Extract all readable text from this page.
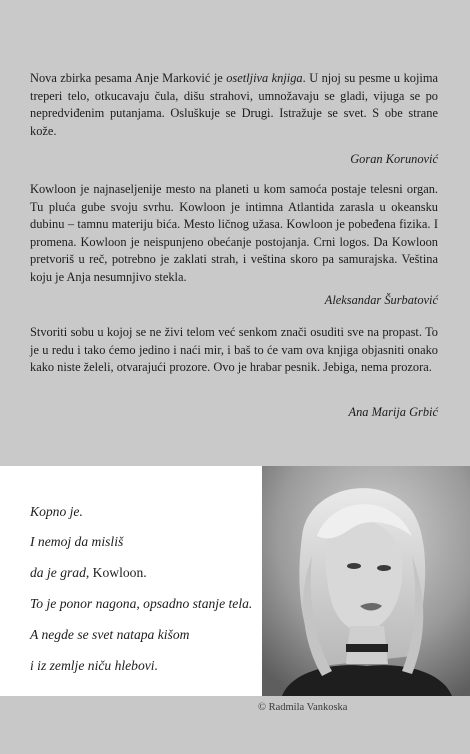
Nova zbirka pesama Anje Marković je osetljiva knjiga. U njoj su pesme u kojima treperi telo, otkucavaju čula, dišu strahovi, umnožavaju se gladi, vijuga se po nepredviđenim putanjama. Osluškuje se Drugi. Istražuje se svet. S obe strane kože.

Goran Korunović

Kowloon je najnaseljenije mesto na planeti u kom samoća postaje telesni organ. Tu pluća gube svoju svrhu. Kowloon je intimna Atlantida zarasla u okeansku dubinu – tamnu materiju bića. Mesto ličnog užasa. Kowloon je pobeđena fizika. I promena. Kowloon je neispunjeno obećanje postojanja. Crni logos. Da Kowloon pretvoriš u reč, potrebno je zaklati strah, i veština skoro pa samurajska. Veština koju je Anja nesumnjivo stekla.

Aleksandar Šurbatović

Stvoriti sobu u kojoj se ne živi telom već senkom znači osuditi sve na propast. To je u redu i tako ćemo jedino i naći mir, i baš to će vam ova knjiga objasniti onako kako niste želeli, otvarajući prozore. Ovo je hrabar pesnik. Jebiga, nema prozora.

Ana Marija Grbić

Kopno je.

I nemoj da misliš

da je grad, Kowloon.

To je ponor nagona, opsadno stanje tela.

A negde se svet natapa kišom

i iz zemlje niču hlebovi.

© Radmila Vankoska
